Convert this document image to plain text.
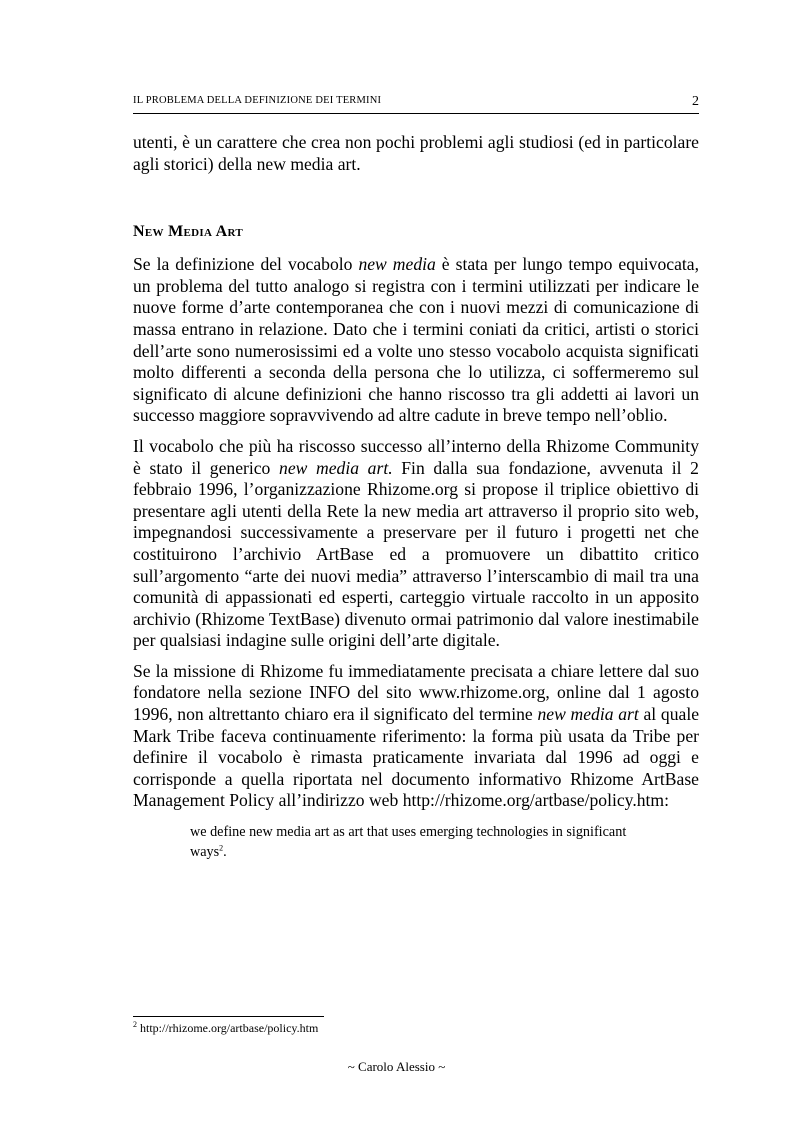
IL PROBLEMA DELLA DEFINIZIONE DEI TERMINI	2

utenti, è un carattere che crea non pochi problemi agli studiosi (ed in particolare agli storici) della new media art.

New Media Art

Se la definizione del vocabolo new media è stata per lungo tempo equivocata, un problema del tutto analogo si registra con i termini utilizzati per indicare le nuove forme d’arte contemporanea che con i nuovi mezzi di comunicazione di massa entrano in relazione. Dato che i termini coniati da critici, artisti o storici dell’arte sono numerosissimi ed a volte uno stesso vocabolo acquista significati molto differenti a seconda della persona che lo utilizza, ci soffermeremo sul significato di alcune definizioni che hanno riscosso tra gli addetti ai lavori un successo maggiore sopravvivendo ad altre cadute in breve tempo nell’oblio.

Il vocabolo che più ha riscosso successo all’interno della Rhizome Community è stato il generico new media art. Fin dalla sua fondazione, avvenuta il 2 febbraio 1996, l’organizzazione Rhizome.org si propose il triplice obiettivo di presentare agli utenti della Rete la new media art attraverso il proprio sito web, impegnandosi successivamente a preservare per il futuro i progetti net che costituirono l’archivio ArtBase ed a promuovere un dibattito critico sull’argomento “arte dei nuovi media” attraverso l’interscambio di mail tra una comunità di appassionati ed esperti, carteggio virtuale raccolto in un apposito archivio (Rhizome TextBase) divenuto ormai patrimonio dal valore inestimabile per qualsiasi indagine sulle origini dell’arte digitale.

Se la missione di Rhizome fu immediatamente precisata a chiare lettere dal suo fondatore nella sezione INFO del sito www.rhizome.org, online dal 1 agosto 1996, non altrettanto chiaro era il significato del termine new media art al quale Mark Tribe faceva continuamente riferimento: la forma più usata da Tribe per definire il vocabolo è rimasta praticamente invariata dal 1996 ad oggi e corrisponde a quella riportata nel documento informativo Rhizome ArtBase Management Policy all’indirizzo web http://rhizome.org/artbase/policy.htm:

we define new media art as art that uses emerging technologies in significant ways$^2$.
$^2$ http://rhizome.org/artbase/policy.htm
~ Carolo Alessio ~
